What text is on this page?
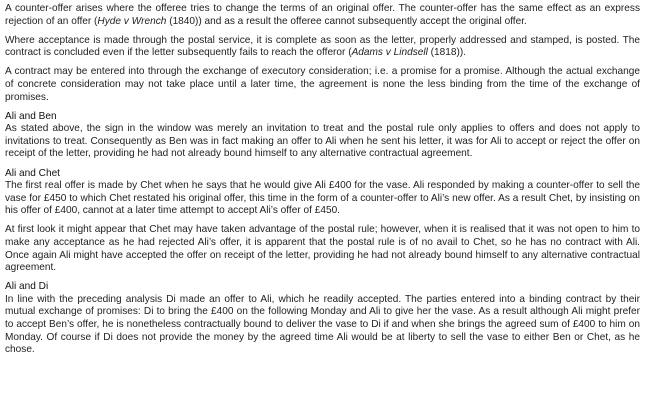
A counter-offer arises where the offeree tries to change the terms of an original offer. The counter-offer has the same effect as an express rejection of an offer (Hyde v Wrench (1840)) and as a result the offeree cannot subsequently accept the original offer.

Where acceptance is made through the postal service, it is complete as soon as the letter, properly addressed and stamped, is posted. The contract is concluded even if the letter subsequently fails to reach the offeror (Adams v Lindsell (1818)).

A contract may be entered into through the exchange of executory consideration; i.e. a promise for a promise. Although the actual exchange of concrete consideration may not take place until a later time, the agreement is none the less binding from the time of the exchange of promises.

Ali and Ben
As stated above, the sign in the window was merely an invitation to treat and the postal rule only applies to offers and does not apply to invitations to treat. Consequently as Ben was in fact making an offer to Ali when he sent his letter, it was for Ali to accept or reject the offer on receipt of the letter, providing he had not already bound himself to any alternative contractual agreement.
Ali and Chet
The first real offer is made by Chet when he says that he would give Ali £400 for the vase. Ali responded by making a counter-offer to sell the vase for £450 to which Chet restated his original offer, this time in the form of a counter-offer to Ali’s new offer. As a result Chet, by insisting on his offer of £400, cannot at a later time attempt to accept Ali’s offer of £450.
At first look it might appear that Chet may have taken advantage of the postal rule; however, when it is realised that it was not open to him to make any acceptance as he had rejected Ali’s offer, it is apparent that the postal rule is of no avail to Chet, so he has no contract with Ali. Once again Ali might have accepted the offer on receipt of the letter, providing he had not already bound himself to any alternative contractual agreement.
Ali and Di
In line with the preceding analysis Di made an offer to Ali, which he readily accepted. The parties entered into a binding contract by their mutual exchange of promises: Di to bring the £400 on the following Monday and Ali to give her the vase. As a result although Ali might prefer to accept Ben’s offer, he is nonetheless contractually bound to deliver the vase to Di if and when she brings the agreed sum of £400 to him on Monday. Of course if Di does not provide the money by the agreed time Ali would be at liberty to sell the vase to either Ben or Chet, as he chose.
